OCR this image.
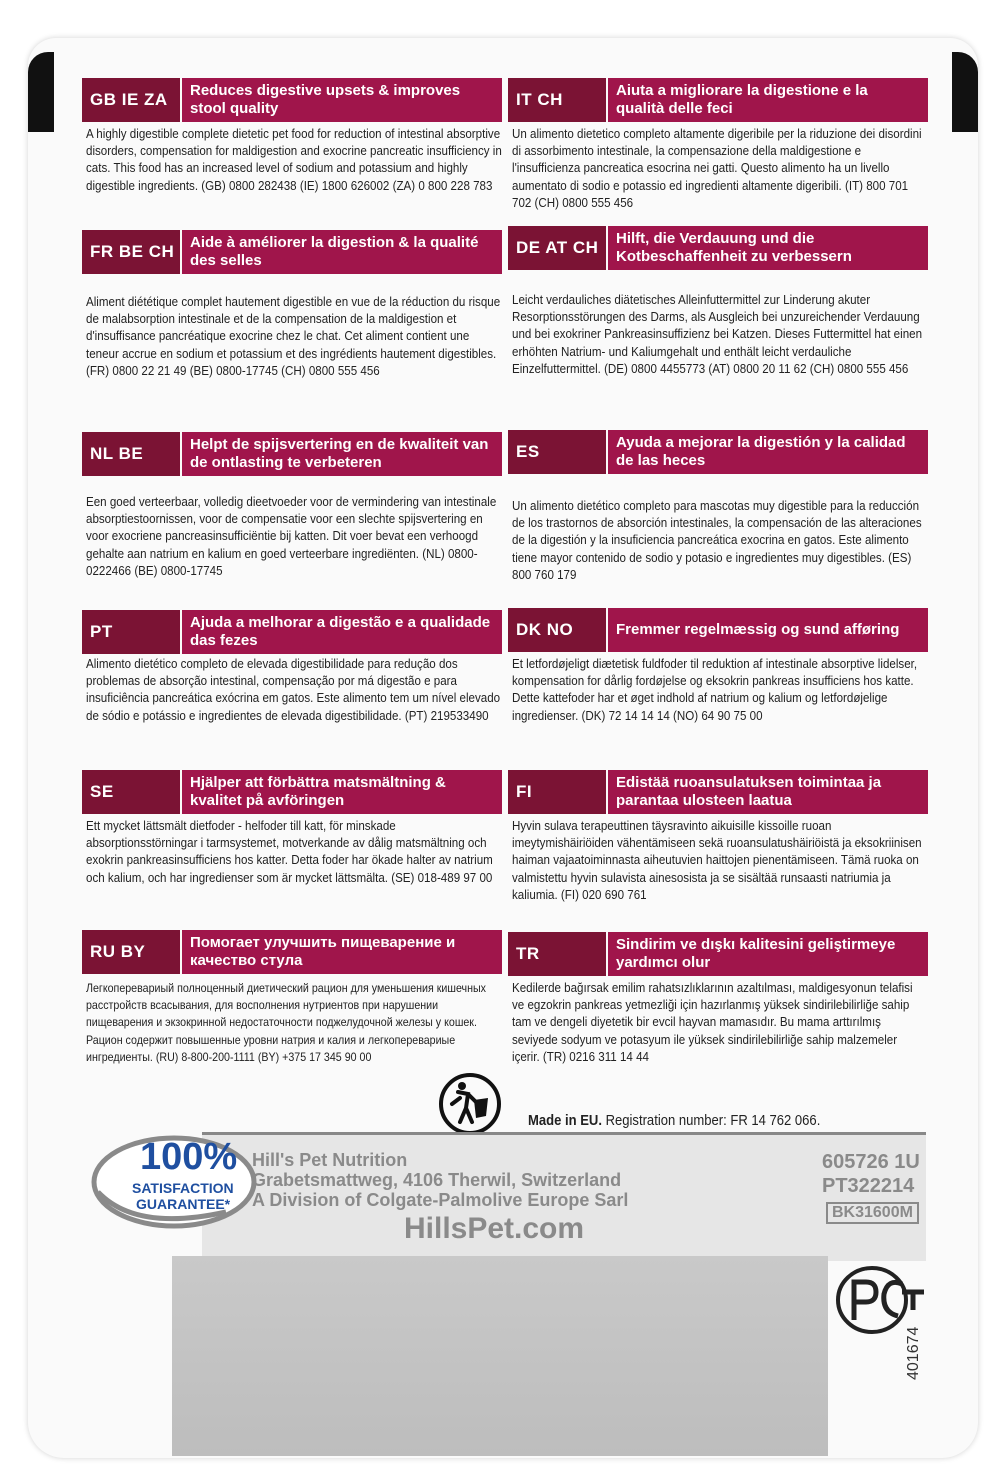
GB IE ZA	Reduces digestive upsets & improves stool quality
A highly digestible complete dietetic pet food for reduction of intestinal absorptive disorders, compensation for maldigestion and exocrine pancreatic insufficiency in cats. This food has an increased level of sodium and potassium and highly digestible ingredients. (GB) 0800 282438 (IE) 1800 626002 (ZA) 0 800 228 783
IT CH	Aiuta a migliorare la digestione e la qualità delle feci
Un alimento dietetico completo altamente digeribile per la riduzione dei disordini di assorbimento intestinale, la compensazione della maldigestione e l'insufficienza pancreatica esocrina nei gatti. Questo alimento ha un livello aumentato di sodio e potassio ed ingredienti altamente digeribili. (IT) 800 701 702 (CH) 0800 555 456
FR BE CH	Aide à améliorer la digestion & la qualité des selles
Aliment diététique complet hautement digestible en vue de la réduction du risque de malabsorption intestinale et de la compensation de la maldigestion et d'insuffisance pancréatique exocrine chez le chat. Cet aliment contient une teneur accrue en sodium et potassium et des ingrédients hautement digestibles. (FR) 0800 22 21 49 (BE) 0800-17745 (CH) 0800 555 456
DE AT CH	Hilft, die Verdauung und die Kotbeschaffenheit zu verbessern
Leicht verdauliches diätetisches Alleinfuttermittel zur Linderung akuter Resorptionsstörungen des Darms, als Ausgleich bei unzureichender Verdauung und bei exokriner Pankreasinsuffizienz bei Katzen. Dieses Futtermittel hat einen erhöhten Natrium- und Kaliumgehalt und enthält leicht verdauliche Einzelfuttermittel. (DE) 0800 4455773 (AT) 0800 20 11 62 (CH) 0800 555 456
NL BE	Helpt de spijsvertering en de kwaliteit van de ontlasting te verbeteren
Een goed verteerbaar, volledig dieetvoeder voor de vermindering van intestinale absorptiestoornissen, voor de compensatie voor een slechte spijsvertering en voor exocriene pancreasinsufficiëntie bij katten. Dit voer bevat een verhoogd gehalte aan natrium en kalium en goed verteerbare ingrediënten. (NL) 0800-0222466 (BE) 0800-17745
ES	Ayuda a mejorar la digestión y la calidad de las heces
Un alimento dietético completo para mascotas muy digestible para la reducción de los trastornos de absorción intestinales, la compensación de las alteraciones de la digestión y la insuficiencia pancreática exocrina en gatos. Este alimento tiene mayor contenido de sodio y potasio e ingredientes muy digestibles. (ES) 800 760 179
PT	Ajuda a melhorar a digestão e a qualidade das fezes
Alimento dietético completo de elevada digestibilidade para redução dos problemas de absorção intestinal, compensação por má digestão e para insuficiência pancreática exócrina em gatos. Este alimento tem um nível elevado de sódio e potássio e ingredientes de elevada digestibilidade. (PT) 219533490
DK NO	Fremmer regelmæssig og sund afføring
Et letfordøjeligt diætetisk fuldfoder til reduktion af intestinale absorptive lidelser, kompensation for dårlig fordøjelse og eksokrin pankreas insufficiens hos katte. Dette kattefoder har et øget indhold af natrium og kalium og letfordøjelige ingredienser. (DK) 72 14 14 14 (NO) 64 90 75 00
SE	Hjälper att förbättra matsmältning & kvalitet på avföringen
Ett mycket lättsmält dietfoder - helfoder till katt, för minskade absorptionsstörningar i tarmsystemet, motverkande av dålig matsmältning och exokrin pankreasinsufficiens hos katter. Detta foder har ökade halter av natrium och kalium, och har ingredienser som är mycket lättsmälta. (SE) 018-489 97 00
FI	Edistää ruoansulatuksen toimintaa ja parantaa ulosteen laatua
Hyvin sulava terapeuttinen täysravinto aikuisille kissoille ruoan imeytymishäiriöiden vähentämiseen sekä ruoansulatushäiriöistä ja eksokriinisen haiman vajaatoiminnasta aiheutuvien haittojen pienentämiseen. Tämä ruoka on valmistettu hyvin sulavista ainesosista ja se sisältää runsaasti natriumia ja kaliumia. (FI) 020 690 761
RU BY	Помогает улучшить пищеварение и качество стула
Легкоперевариый полноценный диетический рацион для уменьшения кишечных расстройств всасывания, для восполнения нутриентов при нарушении пищеварения и экзокринной недостаточности поджелудочной железы у кошек. Рацион содержит повышенные уровни натрия и калия и легкоперевариые ингредиенты. (RU) 8-800-200-1111 (BY) +375 17 345 90 00
TR	Sindirim ve dışkı kalitesini geliştirmeye yardımcı olur
Kedilerde bağırsak emilim rahatsızlıklarının azaltılması, maldigesyonun telafisi ve egzokrin pankreas yetmezliği için hazırlanmış yüksek sindirilebilirliğe sahip tam ve dengeli diyetetik bir evcil hayvan mamasıdır. Bu mama arttırılmış seviyede sodyum ve potasyum ile yüksek sindirilebilirliğe sahip malzemeler içerir. (TR) 0216 311 14 44
Made in EU. Registration number: FR 14 762 066.
100%
SATISFACTION
GUARANTEE*
Hill's Pet Nutrition
Grabetsmattweg, 4106 Therwil, Switzerland
A Division of Colgate-Palmolive Europe Sarl
HillsPet.com
605726 1U
PT322214
BK31600M
401674
